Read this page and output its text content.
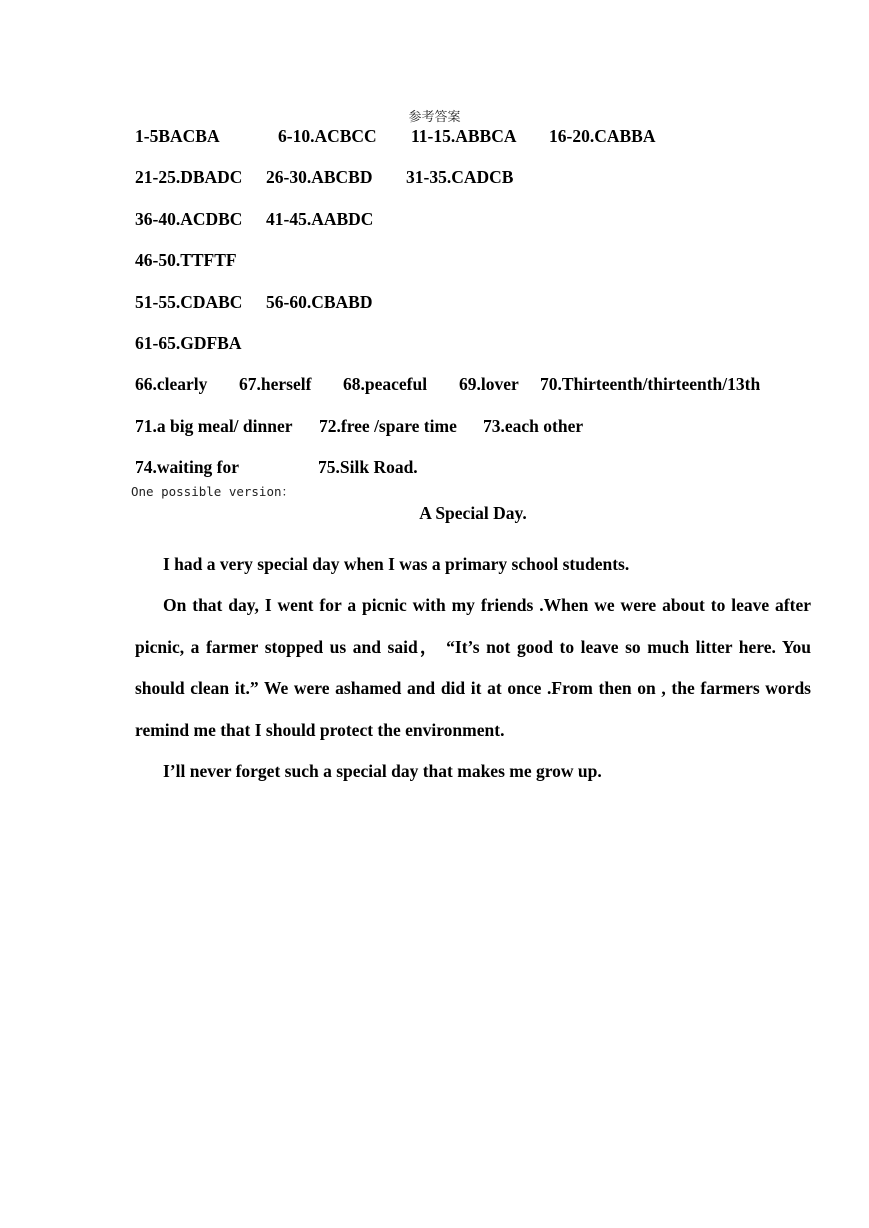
参考答案
1-5BACBA	6-10.ACBCC 11-15.ABBCA 16-20.CABBA
21-25.DBADC 26-30.ABCBD 31-35.CADCB
36-40.ACDBC 41-45.AABDC
46-50.TTFTF
51-55.CDABC 56-60.CBABD
61-65.GDFBA
66.clearly 67.herself 68.peaceful 69.lover 70.Thirteenth/thirteenth/13th
71.a big meal/ dinner 72.free /spare time 73.each other
74.waiting for	75.Silk Road.
One possible version：
A Special Day.

I had a very special day when I was a primary school students.

On that day, I went for a picnic with my friends .When we were about to leave after picnic, a farmer stopped us and said， “It’s not good to leave so much litter here. You should clean it.” We were ashamed and did it at once .From then on , the farmers words remind me that I should protect the environment.

I’ll never forget such a special day that makes me grow up.
